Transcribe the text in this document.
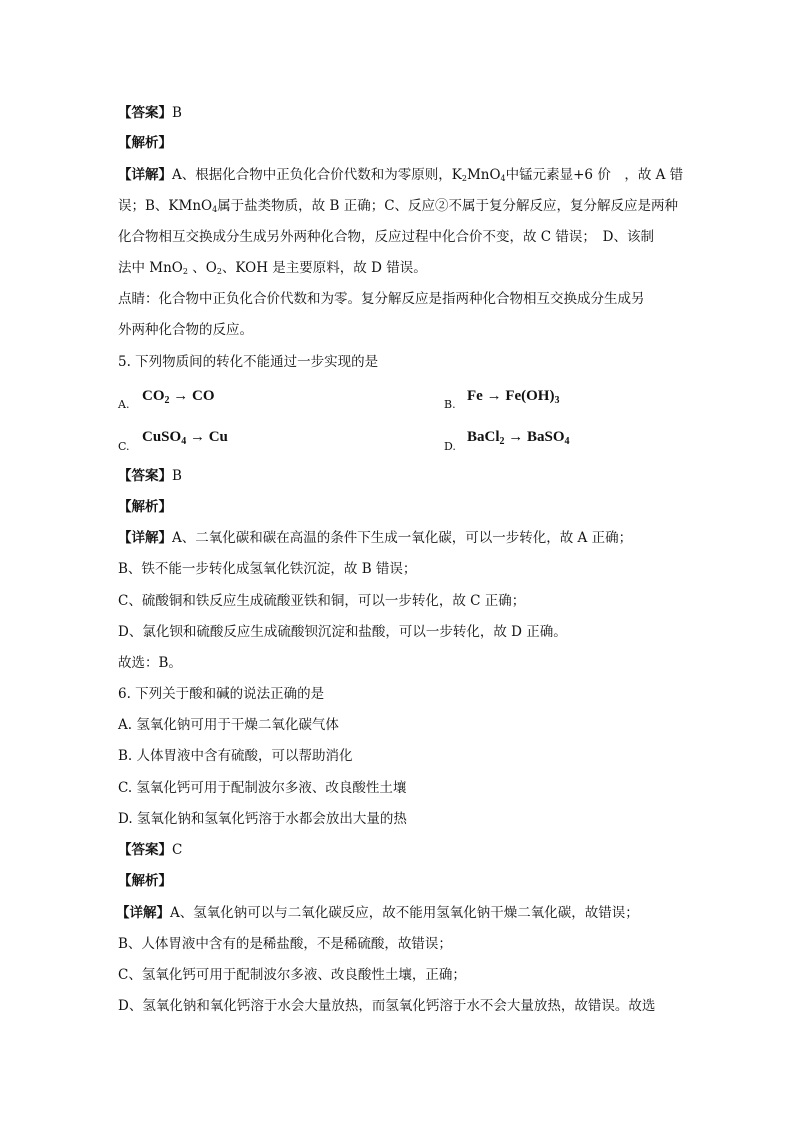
【答案】B
【解析】
【详解】A、根据化合物中正负化合价代数和为零原则，$K_2MnO_4$中锰元素显+6 价　，故 A 错
误；B、KMnO$_4$属于盐类物质，故 B 正确；C、反应②不属于复分解反应，复分解反应是两种
化合物相互交换成分生成另外两种化合物，反应过程中化合价不变，故 C 错误；　D、该制
法中 MnO$_2$ 、$O_2$、KOH 是主要原料，故 D 错误。
点睛：化合物中正负化合价代数和为零。复分解反应是指两种化合物相互交换成分生成另
外两种化合物的反应。
5. 下列物质间的转化不能通过一步实现的是
A.
$CO_2$ → CO
B.
$Fe \to Fe(OH)_3$
C.
CuSO$_4$ → Cu
D.
BaCl$_2$ → BaSO$_4$
【答案】B
【解析】
【详解】A、二氧化碳和碳在高温的条件下生成一氧化碳，可以一步转化，故 A 正确；
B、铁不能一步转化成氢氧化铁沉淀，故 B 错误；
C、硫酸铜和铁反应生成硫酸亚铁和铜，可以一步转化，故 C 正确；
D、氯化钡和硫酸反应生成硫酸钡沉淀和盐酸，可以一步转化，故 D 正确。
故选：B。
6. 下列关于酸和碱的说法正确的是
A. 氢氧化钠可用于干燥二氧化碳气体
B. 人体胃液中含有硫酸，可以帮助消化
C. 氢氧化钙可用于配制波尔多液、改良酸性土壤
D. 氢氧化钠和氢氧化钙溶于水都会放出大量的热
【答案】C
【解析】
【详解】A、氢氧化钠可以与二氧化碳反应，故不能用氢氧化钠干燥二氧化碳，故错误；
B、人体胃液中含有的是稀盐酸，不是稀硫酸，故错误；
C、氢氧化钙可用于配制波尔多液、改良酸性土壤，正确；
D、氢氧化钠和氧化钙溶于水会大量放热，而氢氧化钙溶于水不会大量放热，故错误。故选
